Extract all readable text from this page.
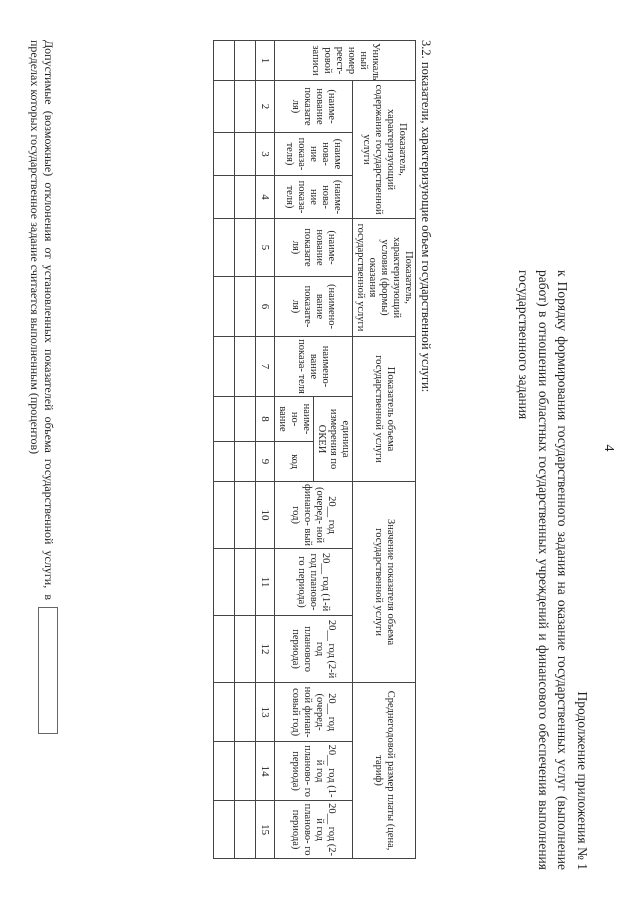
4
Продолжение приложения № 1
к Порядку формирования государственного задания на оказание государственных услуг (выполнение работ) в отношении областных государственных учреждений и финансового обеспечения выполнения государственного задания
3.2. показатели, характеризующие объем государственной услуги:
Уникаль ный номер реест- ровой записи	Показатель, характеризующий содержание государственной услуги			Показатель, характеризующий условия (формы) оказания государственной услуги		Показатель объема государственной услуги			Значение показателя объема государственной услуги			Среднегодовой размер платы (цена, тариф)		
	(наиме- нование показате ля)	(наиме нова- ние показа- теля)	(наиме- нова- ние показа- теля)	(наиме- нование показате ля)	(наимено- вание показате- ля)	наимено- вание показа- теля	единица измерения по ОКЕИ		20__ год (очеред- ной финансо- вый год)	20__ год (1-й год планово- го периода)	20__ год (2-й год планового периода)	20__ год (очеред- ной финан- совый год)	20__ год (1-й год планово- го периода)	20__ год (2-й год планово- го периода)
							наиме- но- вание	код						
1	2	3	4	5	6	7	8	9	10	11	12	13	14	15

Допустимые (возможные) отклонения от установленных показателей объема государственной услуги, в пределах которых государственное задание считается выполненным (процентов)
